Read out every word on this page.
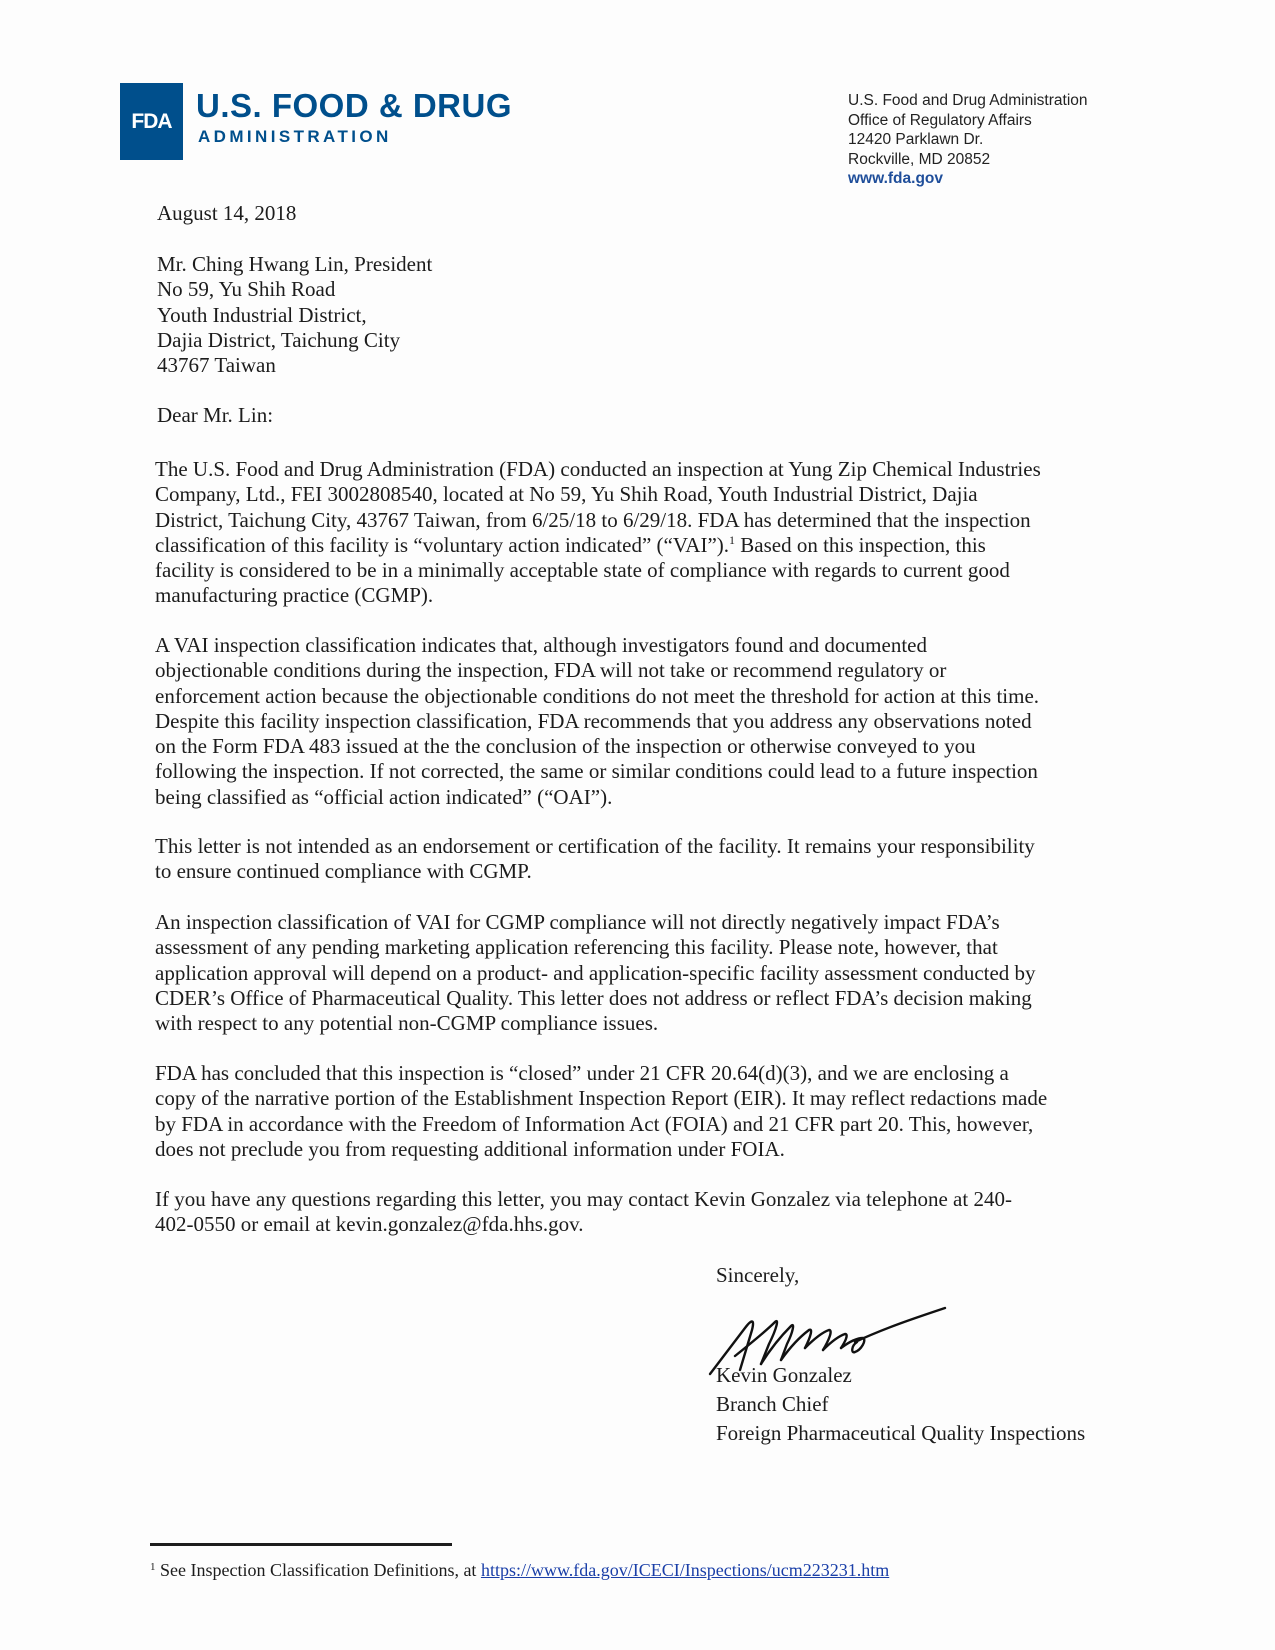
FDA U.S. FOOD & DRUG
ADMINISTRATION
U.S. Food and Drug Administration
Office of Regulatory Affairs
12420 Parklawn Dr.
Rockville, MD 20852
www.fda.gov
August 14, 2018
Mr. Ching Hwang Lin, President
No 59, Yu Shih Road
Youth Industrial District,
Dajia District, Taichung City
43767 Taiwan
Dear Mr. Lin:
The U.S. Food and Drug Administration (FDA) conducted an inspection at Yung Zip Chemical Industries
Company, Ltd., FEI 3002808540, located at No 59, Yu Shih Road, Youth Industrial District, Dajia
District, Taichung City, 43767 Taiwan, from 6/25/18 to 6/29/18. FDA has determined that the inspection
classification of this facility is “voluntary action indicated” (“VAI”).$^1$ Based on this inspection, this
facility is considered to be in a minimally acceptable state of compliance with regards to current good
manufacturing practice (CGMP).
A VAI inspection classification indicates that, although investigators found and documented
objectionable conditions during the inspection, FDA will not take or recommend regulatory or
enforcement action because the objectionable conditions do not meet the threshold for action at this time.
Despite this facility inspection classification, FDA recommends that you address any observations noted
on the Form FDA 483 issued at the the conclusion of the inspection or otherwise conveyed to you
following the inspection. If not corrected, the same or similar conditions could lead to a future inspection
being classified as “official action indicated” (“OAI”).
This letter is not intended as an endorsement or certification of the facility. It remains your responsibility
to ensure continued compliance with CGMP.
An inspection classification of VAI for CGMP compliance will not directly negatively impact FDA’s
assessment of any pending marketing application referencing this facility. Please note, however, that
application approval will depend on a product- and application-specific facility assessment conducted by
CDER’s Office of Pharmaceutical Quality. This letter does not address or reflect FDA’s decision making
with respect to any potential non-CGMP compliance issues.
FDA has concluded that this inspection is “closed” under 21 CFR 20.64(d)(3), and we are enclosing a
copy of the narrative portion of the Establishment Inspection Report (EIR). It may reflect redactions made
by FDA in accordance with the Freedom of Information Act (FOIA) and 21 CFR part 20. This, however,
does not preclude you from requesting additional information under FOIA.
If you have any questions regarding this letter, you may contact Kevin Gonzalez via telephone at 240-
402-0550 or email at kevin.gonzalez@fda.hhs.gov.
Sincerely,
Kevin Gonzalez
Branch Chief
Foreign Pharmaceutical Quality Inspections
$^1$ See Inspection Classification Definitions, at https://www.fda.gov/ICECI/Inspections/ucm223231.htm
